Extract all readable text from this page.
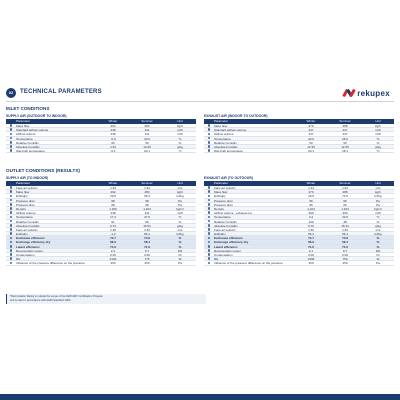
02	TECHNICAL PARAMETERS	rekupex
INLET CONDITIONS
OUTLET CONDITIONS (RESULTS)
SUPPLY AIR (OUTDOOR TO INDOOR)
Parameter	Winter	Summer	Unit
Mass flow	292	283	kg/h
Standard airflow volume	248	311	m³/h
Airflow volume	248	311	m³/h
Temperature	-5.0	30.0	°C
Relative humidity	80	50	%
Absolute humidity	1.54	13.45	g/kg
Wet-bulb temperature	-6.1	20.1	°C
EXHAUST AIR (INDOOR TO OUTDOOR)
Parameter	Winter	Summer	Unit
Mass flow	279	288	kg/h
Standard airflow volume	237	237	m³/h
Airflow volume	237	237	m³/h
Temperature	20.0	25.0	°C
Relative humidity	50	50	%
Absolute humidity	12.35	12.35	g/kg
Wet-bulb temperature	20.1	18.1	°C
SUPPLY AIR (TO INDOOR)
Parameter	Winter	Summer	Unit
Face air velocity	1.46	1.64	m/s
Mass flow	292	283	kg/h
Enthalpy	29.8	66.9	kJ/kg
Pressure drop	68	68	Pa
Pressure drop	68	68	Pa
Density	1.266	1.224	kg/m³
Airflow volume	248	311	m³/h
Temperature	17.4	27.5	°C
Relative humidity	61	69	%
Absolute humidity	6.73	15.51	g/kg
Face air velocity	1.48	1.62	m/s
Enthalpy	-1.2	83.4	kJ/kg
Exchange efficiency	74.7	74.8	%
Exchange efficiency dry	66.9	58.4	%
Latent efficiency	71.6	71.6	%
Recuperation power	2.1	0.7	kW
Condensation	0.00	0.00	l/h
RH	2126	775	W
Influence of the pressure difference on the pressure	250	250	Pa
EXHAUST AIR (TO OUTDOOR)
Parameter	Winter	Summer	Unit
Face air velocity	1.44	1.64	m/s
Mass flow	279	288	kg/h
Enthalpy	19.9	72.9	kJ/kg
Pressure drop	66	66	Pa
Pressure drop	66	66	Pa
Density	1.224	1.234	kg/m³
Airflow volume - exhaust out	300	300	m³/h
Temperature	3.4	32.5	°C
Relative humidity	100	48	%
Absolute humidity	5.76	15.34	g/kg
Face air velocity	1.52	1.64	m/s
Enthalpy	56.4	56.4	kJ/kg
Exchange efficiency	74.7	74.8	%
Exchange efficiency dry	66.9	58.4	%
Latent efficiency	71.6	71.6	%
Recuperation power	2.1	0.7	kW
Condensation	0.00	0.00	l/h
RH	1698	750	W
Influence of the pressure difference on the pressure	250	250	Pa

*Recirculation Rating is outside the scope of the AHRI ERV Certification Program

and is rated in accordance with AHRI Standard 1060.
